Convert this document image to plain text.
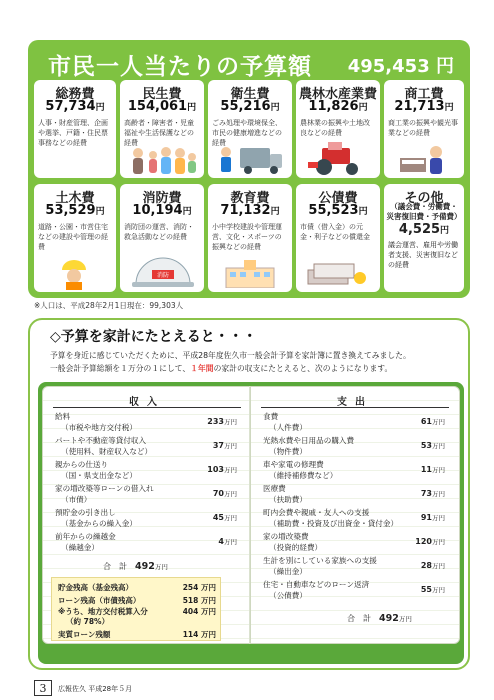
市民一人当たりの予算額 495,453 円
総務費
57,734円
人事・財産管理、企画や選挙、戸籍・住民票事務などの経費
民生費
154,061円
高齢者・障害者・児童福祉や生活保護などの経費
衛生費
55,216円
ごみ処理や環境保全、市民の健康増進などの経費
農林水産業費
11,826円
農林業の振興や土地改良などの経費
商工費
21,713円
商工業の振興や観光事業などの経費
土木費
53,529円
道路・公園・市営住宅などの建設や管理の経費
消防費
10,194円
消防団の運営、消防・救急活動などの経費
消防
教育費
71,132円
小中学校建設や管理運営、文化・スポーツの振興などの経費
公債費
55,523円
市債（借入金）の元金・利子などの償還金
その他
（議会費・労働費・
災害復旧費・予備費）
4,525円
議会運営、雇用や労働者支援、災害復旧などの経費
※人口は、平成28年2月1日現在：99,303人
◇予算を家計にたとえると・・・
予算を身近に感じていただくために、平成28年度佐久市一般会計予算を家計簿に置き換えてみました。
一般会計予算総額を１万分の１にして、１年間の家計の収支にたとえると、次のようになります。
収入
給料
（市税や地方交付税）
233万円
パートや不動産等貸付収入
（使用料、財産収入など）
37万円
親からの仕送り
（国・県支出金など）
103万円
家の増改築等ローンの借入れ
（市債）
70万円
預貯金の引き出し
（基金からの繰入金）
45万円
前年からの繰越金
（繰越金）
4万円
合　計　 492万円
貯金残高（基金残高）	254 万円
ローン残高（市債残高）	518 万円
※うち、地方交付税算入分	404 万円
（約 78%）
実質ローン残額	114 万円
支出
食費
（人件費）
61万円
光熱水費や日用品の購入費
（物件費）
53万円
車や家電の修理費
（維持補修費など）
11万円
医療費
（扶助費）
73万円
町内会費や親戚・友人への支援
（補助費・投資及び出資金・貸付金）
91万円
家の増改築費
（投資的経費）
120万円
生計を別にしている家族への支援
（繰出金）
28万円
住宅・自動車などのローン返済
（公債費）
55万円
合　計　 492万円
3	広報佐久 平成28年５月
